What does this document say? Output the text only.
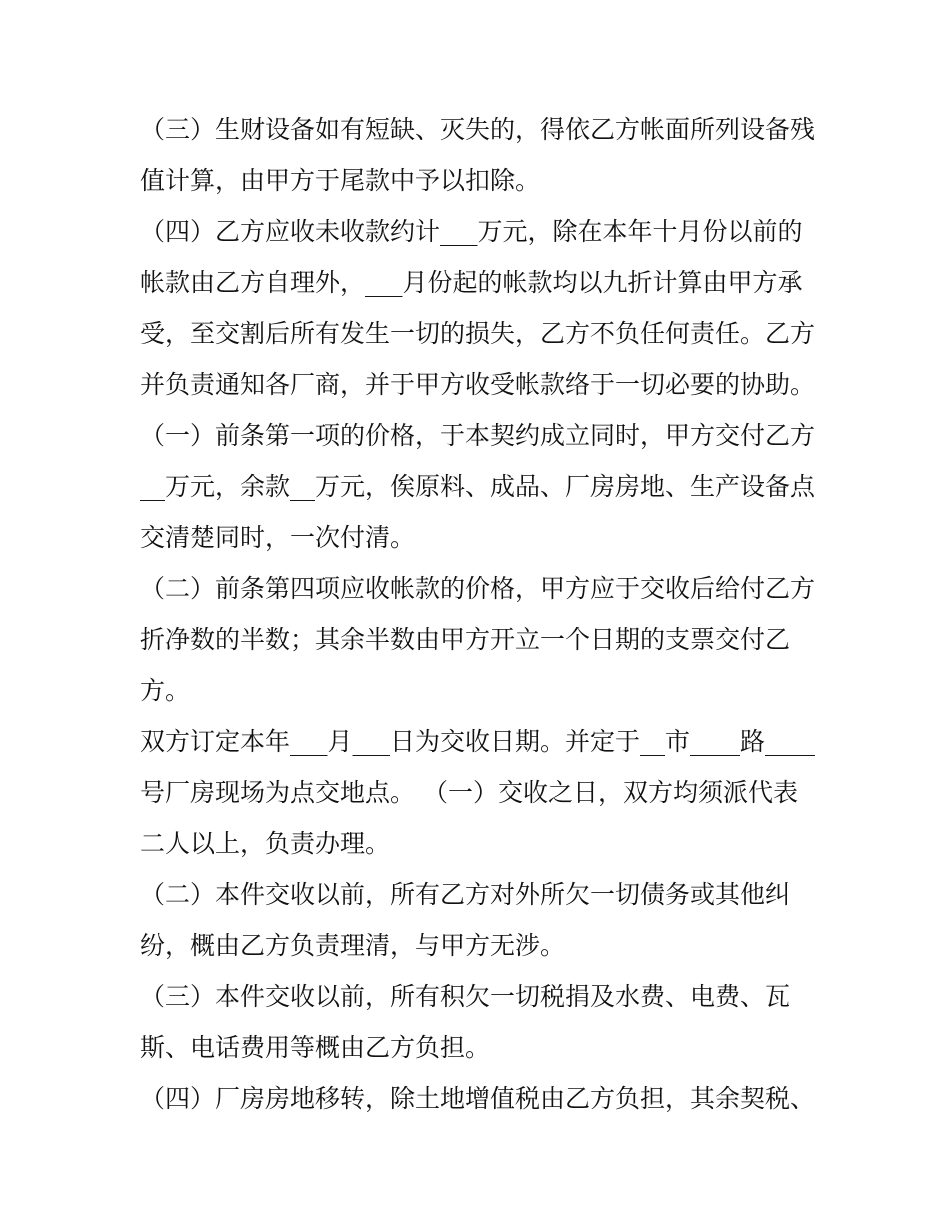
（三）生财设备如有短缺、灭失的，得依乙方帐面所列设备残值计算，由甲方于尾款中予以扣除。

（四）乙方应收未收款约计___万元，除在本年十月份以前的帐款由乙方自理外，___月份起的帐款均以九折计算由甲方承受，至交割后所有发生一切的损失，乙方不负任何责任。乙方并负责通知各厂商，并于甲方收受帐款络于一切必要的协助。

（一）前条第一项的价格，于本契约成立同时，甲方交付乙方__万元，余款__万元，俟原料、成品、厂房房地、生产设备点交清楚同时，一次付清。

（二）前条第四项应收帐款的价格，甲方应于交收后给付乙方折净数的半数；其余半数由甲方开立一个日期的支票交付乙方。

双方订定本年___月___日为交收日期。并定于__市____路____号厂房现场为点交地点。 （一）交收之日，双方均须派代表二人以上，负责办理。

（二）本件交收以前，所有乙方对外所欠一切债务或其他纠纷，概由乙方负责理清，与甲方无涉。

（三）本件交收以前，所有积欠一切税捐及水费、电费、瓦斯、电话费用等概由乙方负担。

（四）厂房房地移转，除土地增值税由乙方负担，其余契税、
